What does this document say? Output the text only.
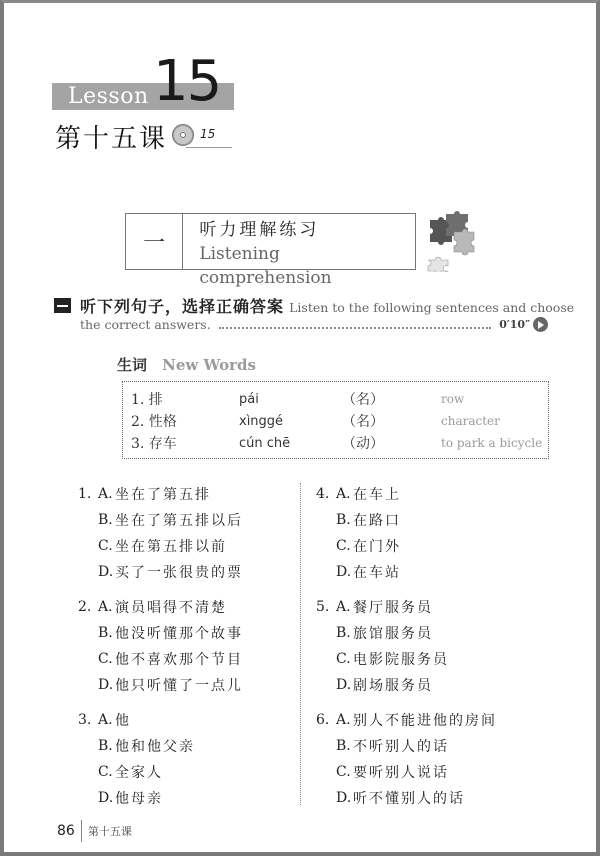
Lesson 15
第十五课	15
一
听力理解练习
Listening comprehension
听下列句子，选择正确答案 Listen to the following sentences and choose
the correct answers.	0′10″
生词 New Words
1. 排	pái	（名）	row
2. 性格	xìnggé	（名）	character
3. 存车	cún chē	（动）	to park a bicycle
1. A. 坐在了第五排
B. 坐在了第五排以后
C. 坐在第五排以前
D. 买了一张很贵的票
2. A. 演员唱得不清楚
B. 他没听懂那个故事
C. 他不喜欢那个节目
D. 他只听懂了一点儿
3. A. 他
B. 他和他父亲
C. 全家人
D. 他母亲
4. A. 在车上
B. 在路口
C. 在门外
D. 在车站
5. A. 餐厅服务员
B. 旅馆服务员
C. 电影院服务员
D. 剧场服务员
6. A. 别人不能进他的房间
B. 不听别人的话
C. 要听别人说话
D. 听不懂别人的话
86 第十五课
